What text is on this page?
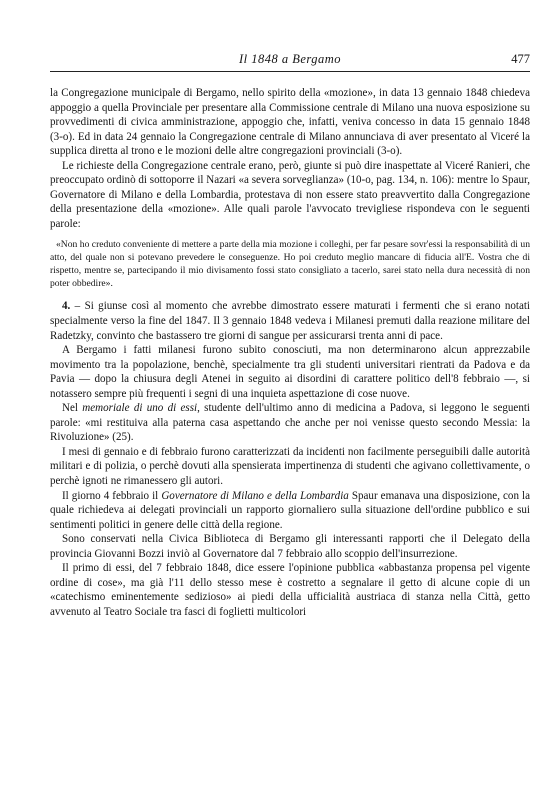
Il 1848 a Bergamo	477

la Congregazione municipale di Bergamo, nello spirito della «mozione», in data 13 gennaio 1848 chiedeva appoggio a quella Provinciale per presentare alla Commissione centrale di Milano una nuova esposizione su provvedimenti di civica amministrazione, appoggio che, infatti, veniva concesso in data 15 gennaio 1848 (3-o). Ed in data 24 gennaio la Congregazione centrale di Milano annunciava di aver presentato al Viceré la supplica diretta al trono e le mozioni delle altre congregazioni provinciali (3-o).

Le richieste della Congregazione centrale erano, però, giunte si può dire inaspettate al Viceré Ranieri, che preoccupato ordinò di sottoporre il Nazari «a severa sorveglianza» (10-o, pag. 134, n. 106): mentre lo Spaur, Governatore di Milano e della Lombardia, protestava di non essere stato preavvertito dalla Congregazione della presentazione della «mozione». Alle quali parole l'avvocato trevigliese rispondeva con le seguenti parole:

«Non ho creduto conveniente di mettere a parte della mia mozione i colleghi, per far pesare sovr'essi la responsabilità di un atto, del quale non si potevano prevedere le conseguenze. Ho poi creduto meglio mancare di fiducia all'E. Vostra che di rispetto, mentre se, partecipando il mio divisamento fossi stato consigliato a tacerlo, sarei stato nella dura necessità di non poter obbedire».

4. – Si giunse così al momento che avrebbe dimostrato essere maturati i fermenti che si erano notati specialmente verso la fine del 1847. Il 3 gennaio 1848 vedeva i Milanesi premuti dalla reazione militare del Radetzky, convinto che bastassero tre giorni di sangue per assicurarsi trenta anni di pace.

A Bergamo i fatti milanesi furono subito conosciuti, ma non determinarono alcun apprezzabile movimento tra la popolazione, benchè, specialmente tra gli studenti universitari rientrati da Padova e da Pavia — dopo la chiusura degli Atenei in seguito ai disordini di carattere politico dell'8 febbraio —, si notassero sempre più frequenti i segni di una inquieta aspettazione di cose nuove.

Nel memoriale di uno di essi, studente dell'ultimo anno di medicina a Padova, si leggono le seguenti parole: «mi restituiva alla paterna casa aspettando che anche per noi venisse questo secondo Messia: la Rivoluzione» (25).

I mesi di gennaio e di febbraio furono caratterizzati da incidenti non facilmente perseguibili dalle autorità militari e di polizia, o perchè dovuti alla spensierata impertinenza di studenti che agivano collettivamente, o perchè ignoti ne rimanessero gli autori.

Il giorno 4 febbraio il Governatore di Milano e della Lombardia Spaur emanava una disposizione, con la quale richiedeva ai delegati provinciali un rapporto giornaliero sulla situazione dell'ordine pubblico e sui sentimenti politici in genere delle città della regione.

Sono conservati nella Civica Biblioteca di Bergamo gli interessanti rapporti che il Delegato della provincia Giovanni Bozzi inviò al Governatore dal 7 febbraio allo scoppio dell'insurrezione.

Il primo di essi, del 7 febbraio 1848, dice essere l'opinione pubblica «abbastanza propensa pel vigente ordine di cose», ma già l'11 dello stesso mese è costretto a segnalare il getto di alcune copie di un «catechismo eminentemente sedizioso» ai piedi della ufficialità austriaca di stanza nella Città, getto avvenuto al Teatro Sociale tra fasci di foglietti multicolori
